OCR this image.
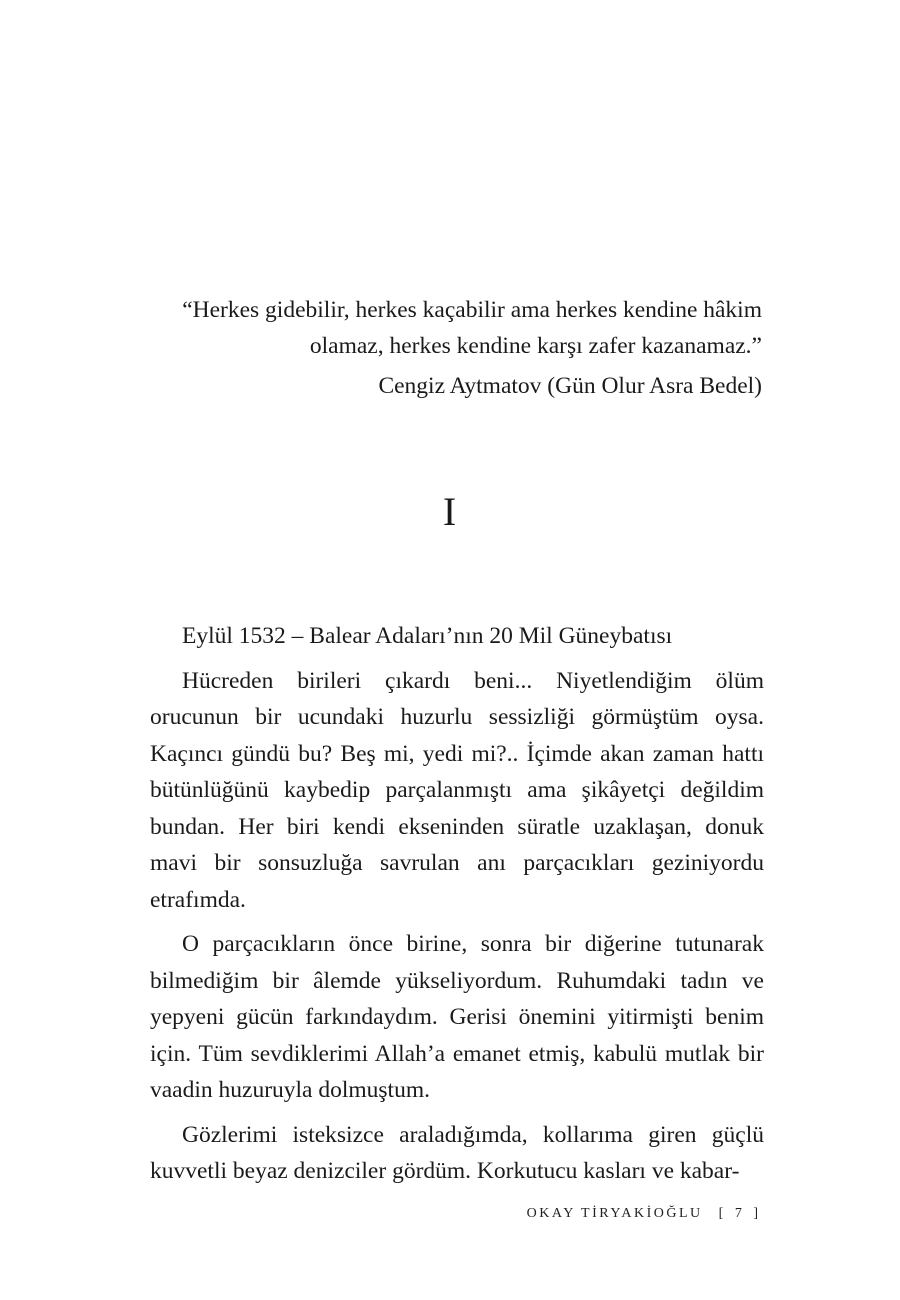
“Herkes gidebilir, herkes kaçabilir ama herkes kendine hâkim
olamaz, herkes kendine karşı zafer kazanamaz.”
Cengiz Aytmatov (Gün Olur Asra Bedel)
I

Eylül 1532 – Balear Adaları’nın 20 Mil Güneybatısı

Hücreden birileri çıkardı beni... Niyetlendiğim ölüm orucunun bir ucundaki huzurlu sessizliği görmüştüm oysa. Kaçıncı gündü bu? Beş mi, yedi mi?.. İçimde akan zaman hattı bütünlüğünü kaybedip parçalanmıştı ama şikâyetçi değildim bundan. Her biri kendi ekseninden süratle uzaklaşan, donuk mavi bir sonsuzluğa savrulan anı parçacıkları geziniyordu etrafımda.

O parçacıkların önce birine, sonra bir diğerine tutunarak bilmediğim bir âlemde yükseliyordum. Ruhumdaki tadın ve yepyeni gücün farkındaydım. Gerisi önemini yitirmişti benim için. Tüm sevdiklerimi Allah’a emanet etmiş, kabulü mutlak bir vaadin huzuruyla dolmuştum.

Gözlerimi isteksizce araladığımda, kollarıma giren güçlü kuvvetli beyaz denizciler gördüm. Korkutucu kasları ve kabar-

OKAY TİRYAKİOĞLU [ 7 ]
